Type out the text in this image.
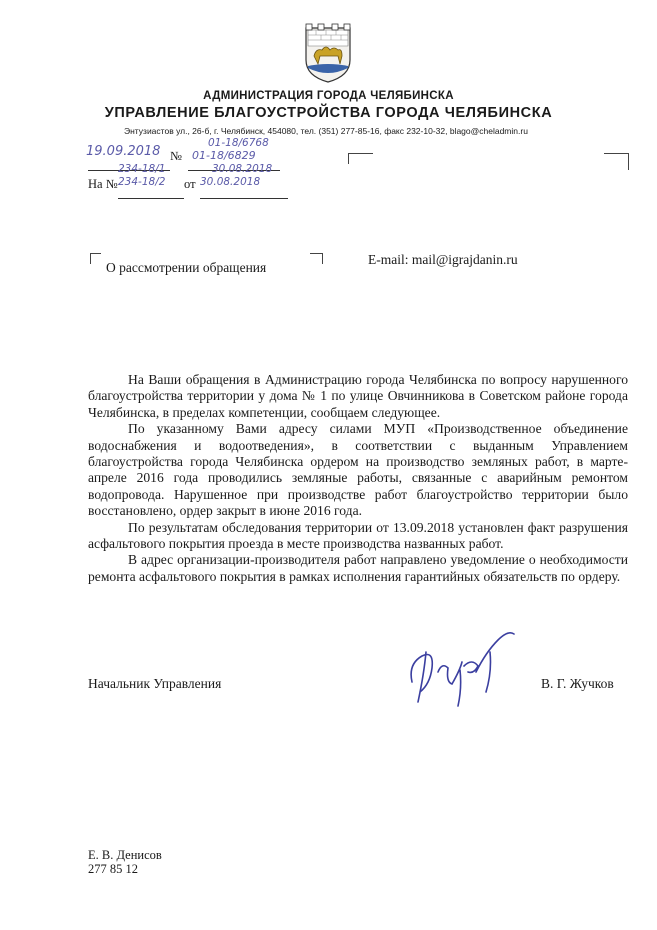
АДМИНИСТРАЦИЯ ГОРОДА ЧЕЛЯБИНСКА
УПРАВЛЕНИЕ БЛАГОУСТРОЙСТВА ГОРОДА ЧЕЛЯБИНСКА
Энтузиастов ул., 26-б, г. Челябинск, 454080, тел. (351) 277-85-16, факс 232-10-32, blago@cheladmin.ru
19.09.2018 №
01-18/6768
01-18/6829
На №
234-18/1
234-18/2 от
30.08.2018
30.08.2018
О рассмотрении обращения
E-mail: mail@igrajdanin.ru

На Ваши обращения в Администрацию города Челябинска по вопросу нарушенного благоустройства территории у дома № 1 по улице Овчинникова в Советском районе города Челябинска, в пределах компетенции, сообщаем следующее.

По указанному Вами адресу силами МУП «Производственное объединение водоснабжения и водоотведения», в соответствии с выданным Управлением благоустройства города Челябинска ордером на производство земляных работ, в марте-апреле 2016 года проводились земляные работы, связанные с аварийным ремонтом водопровода. Нарушенное при производстве работ благоустройство территории было восстановлено, ордер закрыт в июне 2016 года.

По результатам обследования территории от 13.09.2018 установлен факт разрушения асфальтового покрытия проезда в месте производства названных работ.

В адрес организации-производителя работ направлено уведомление о необходимости ремонта асфальтового покрытия в рамках исполнения гарантийных обязательств по ордеру.

Начальник Управления	В. Г. Жучков
Е. В. Денисов
277 85 12
